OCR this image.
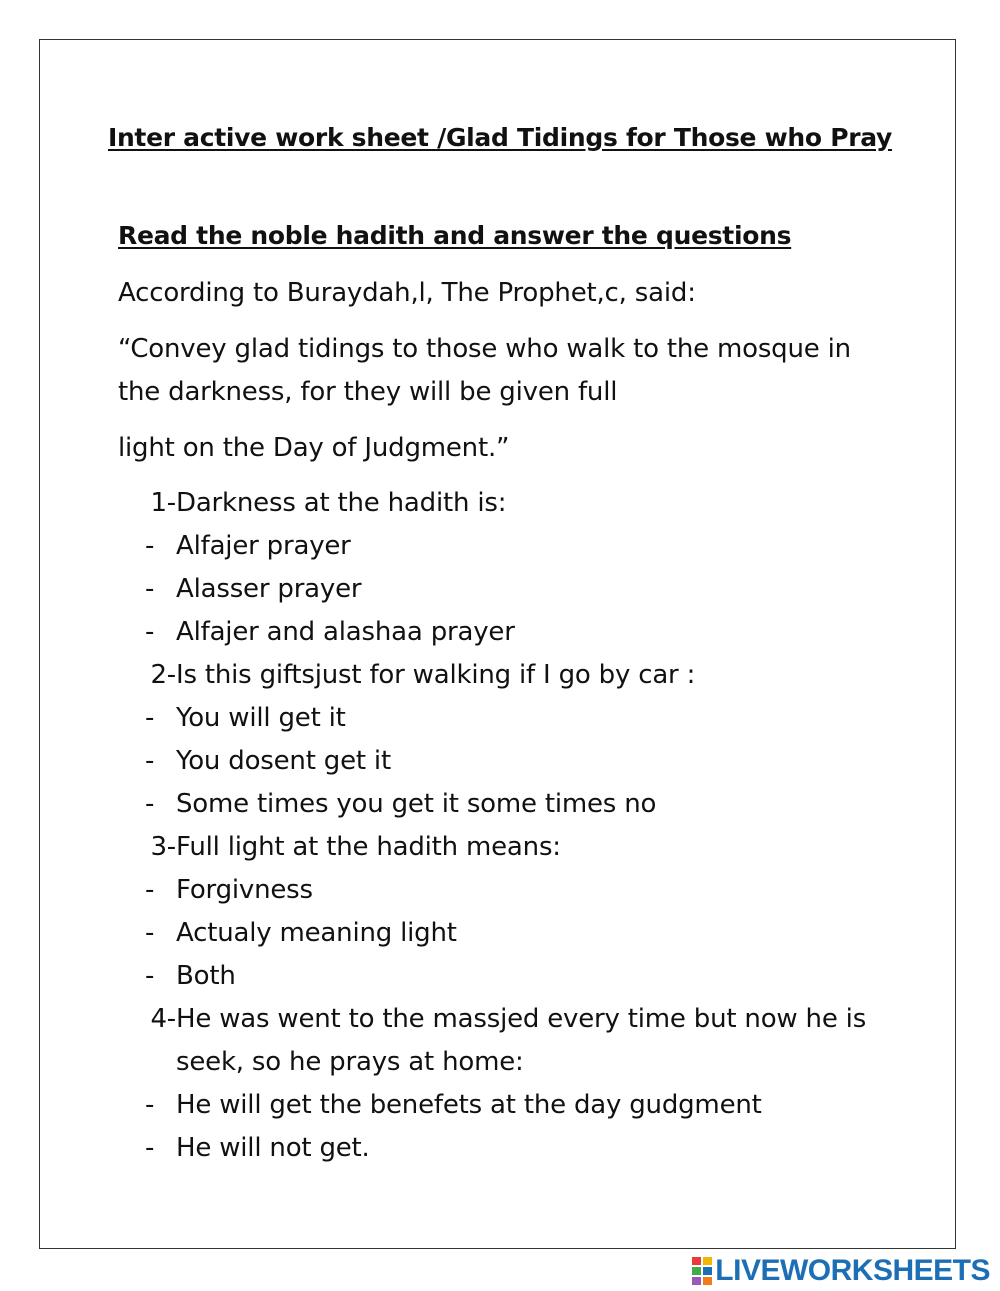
Inter active work sheet /Glad Tidings for Those who Pray
Read the noble hadith and answer the questions
According to Buraydah,l, The Prophet,c, said:
“Convey glad tidings to those who walk to the mosque in the darkness, for they will be given full
light on the Day of Judgment.”
1- Darkness at the hadith is:
- Alfajer prayer
- Alasser prayer
- Alfajer and alashaa prayer
2- Is this giftsjust for walking if I go by car :
- You will get it
- You dosent get it
- Some times you get it some times no
3- Full light at the hadith means:
- Forgivness
- Actualy meaning light
- Both
4- He was went to the massjed every time but now he is seek, so he prays at home:
- He will get the benefets at the day gudgment
- He will not get.
LIVEWORKSHEETS
